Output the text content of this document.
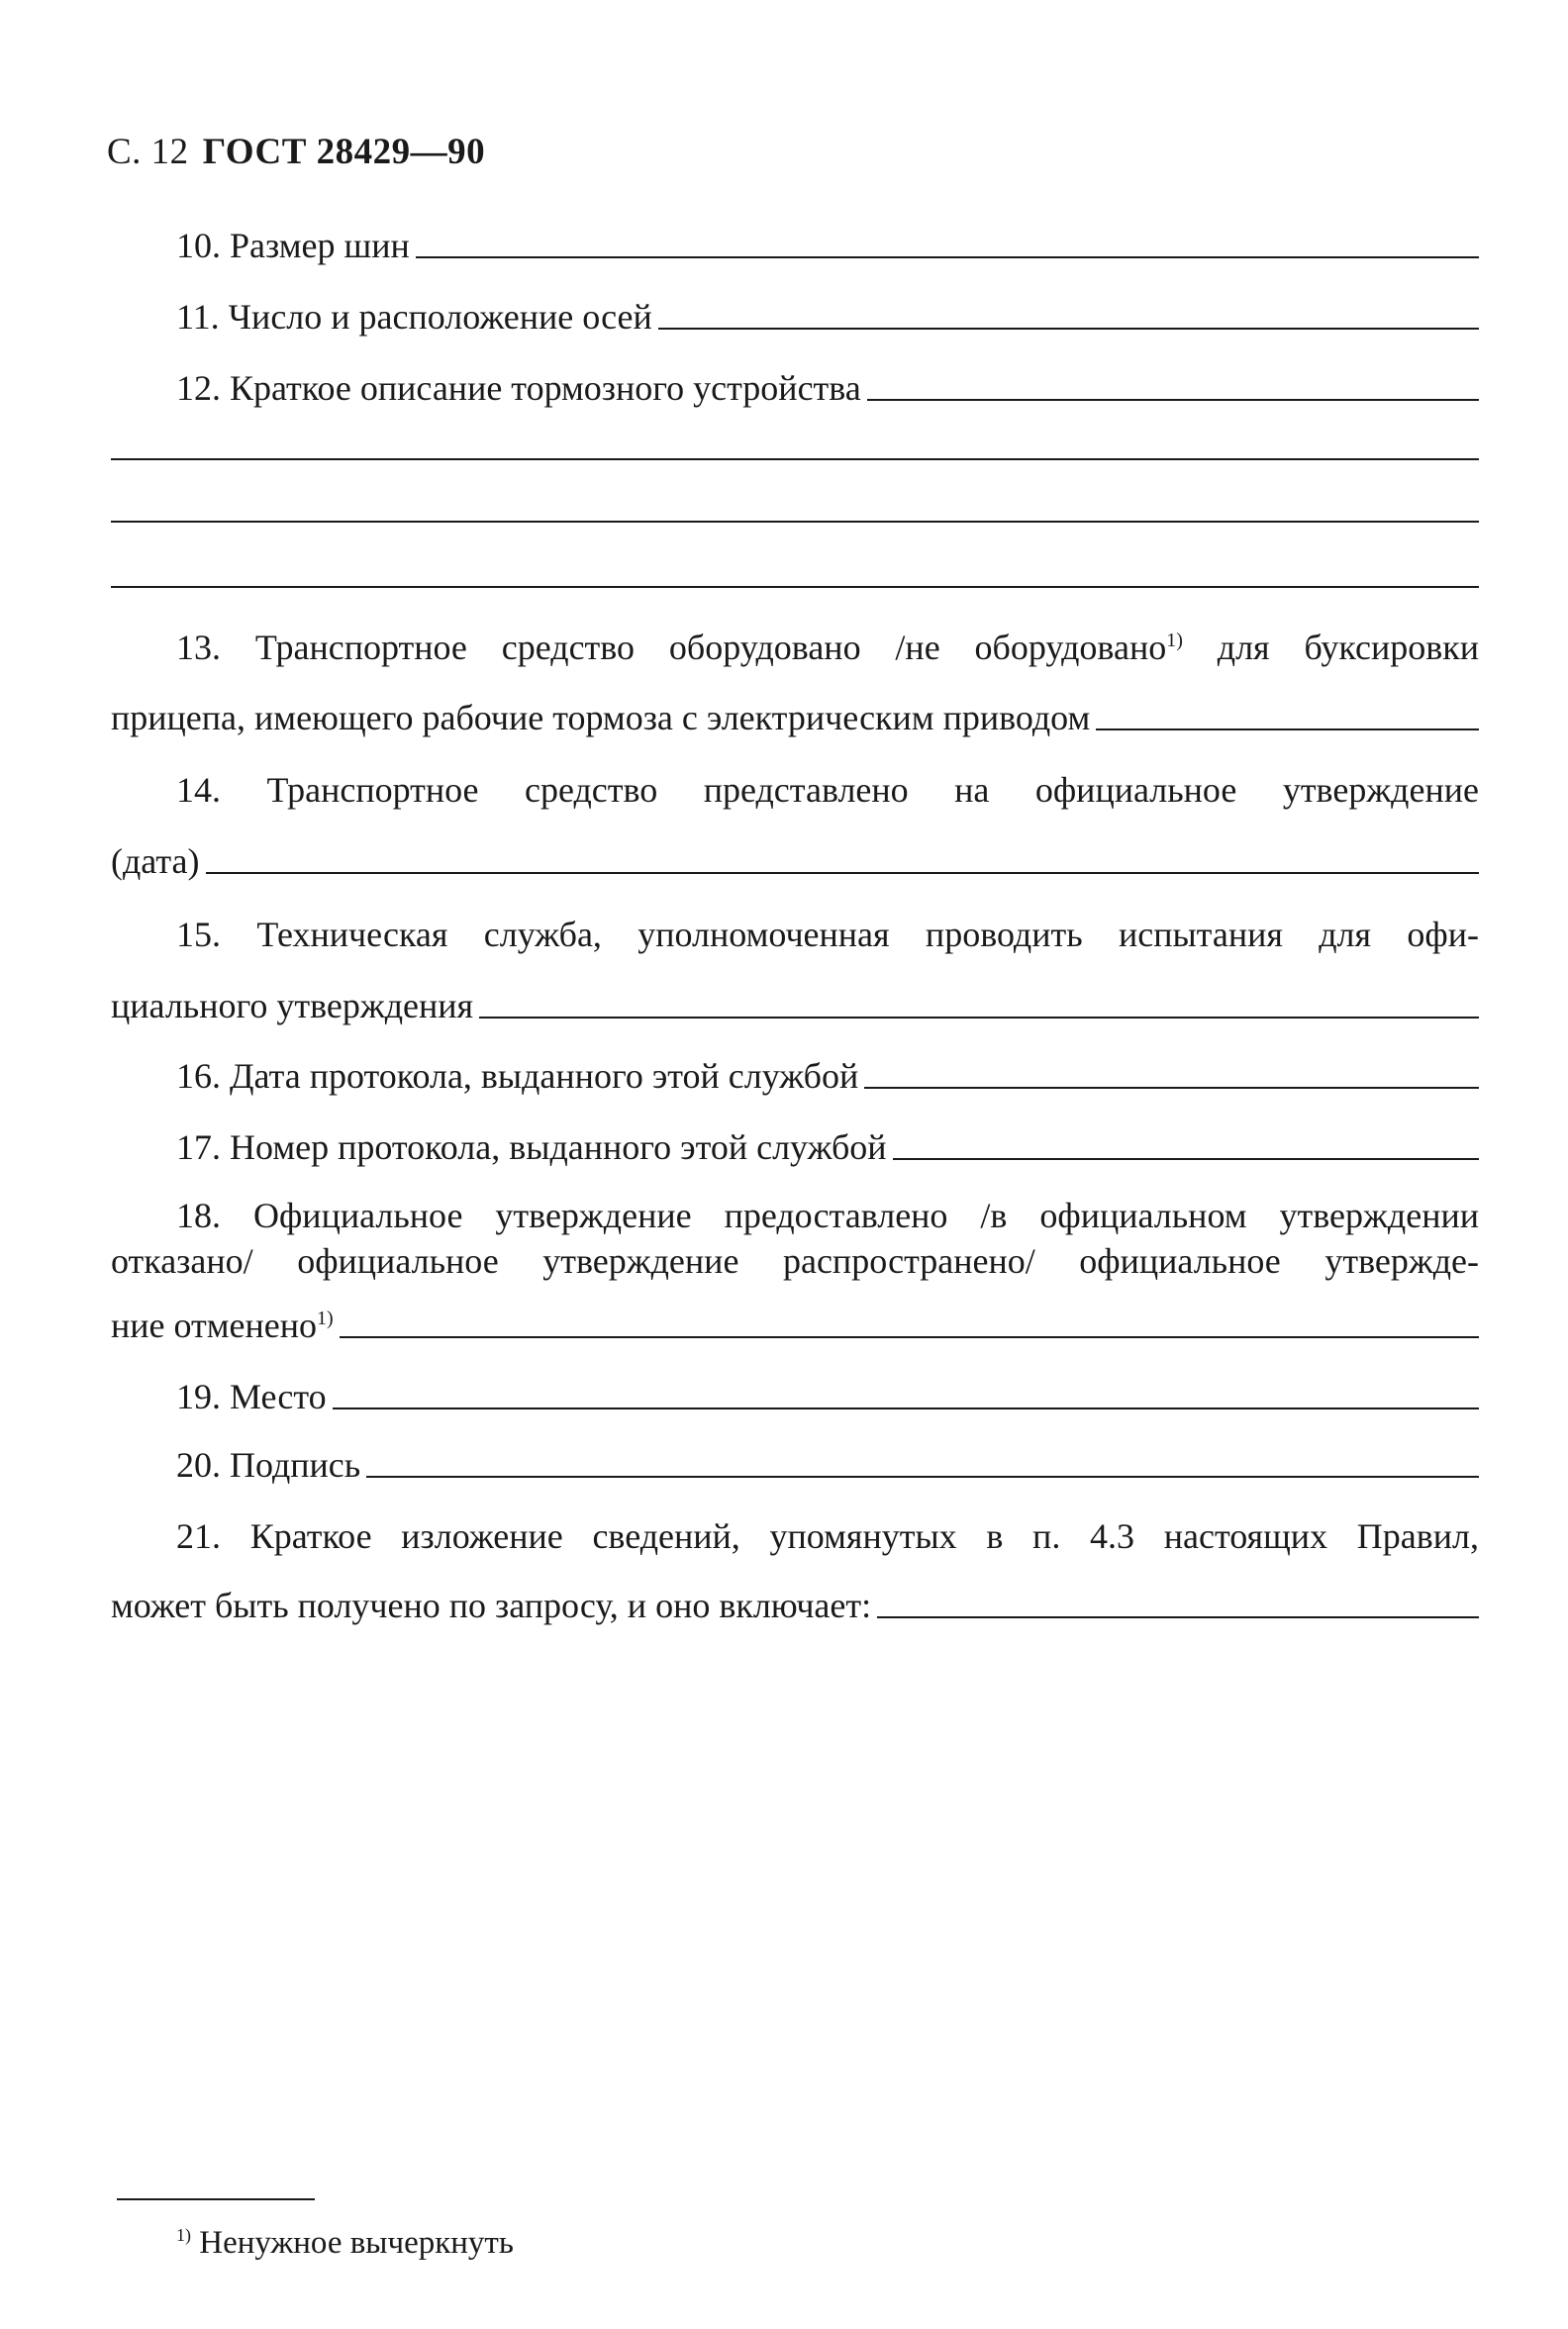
С. 12 ГОСТ 28429—90
10. Размер шин
11. Число и расположение осей
12. Краткое описание тормозного устройства
13. Транспортное средство оборудовано /не оборудовано$^{1)}$ для буксировки
прицепа, имеющего рабочие тормоза с электрическим приводом
14. Транспортное средство представлено на официальное утверждение
(дата)
15. Техническая служба, уполномоченная проводить испытания для офи-
циального утверждения
16. Дата протокола, выданного этой службой
17. Номер протокола, выданного этой службой
18. Официальное утверждение предоставлено /в официальном утверждении
отказано/ официальное утверждение распространено/ официальное утвержде-
ние отменено$^{1)}$
19. Место
20. Подпись
21. Краткое изложение сведений, упомянутых в п. 4.3 настоящих Правил,
может быть получено по запросу, и оно включает:
$^{1)}$ Ненужное вычеркнуть
